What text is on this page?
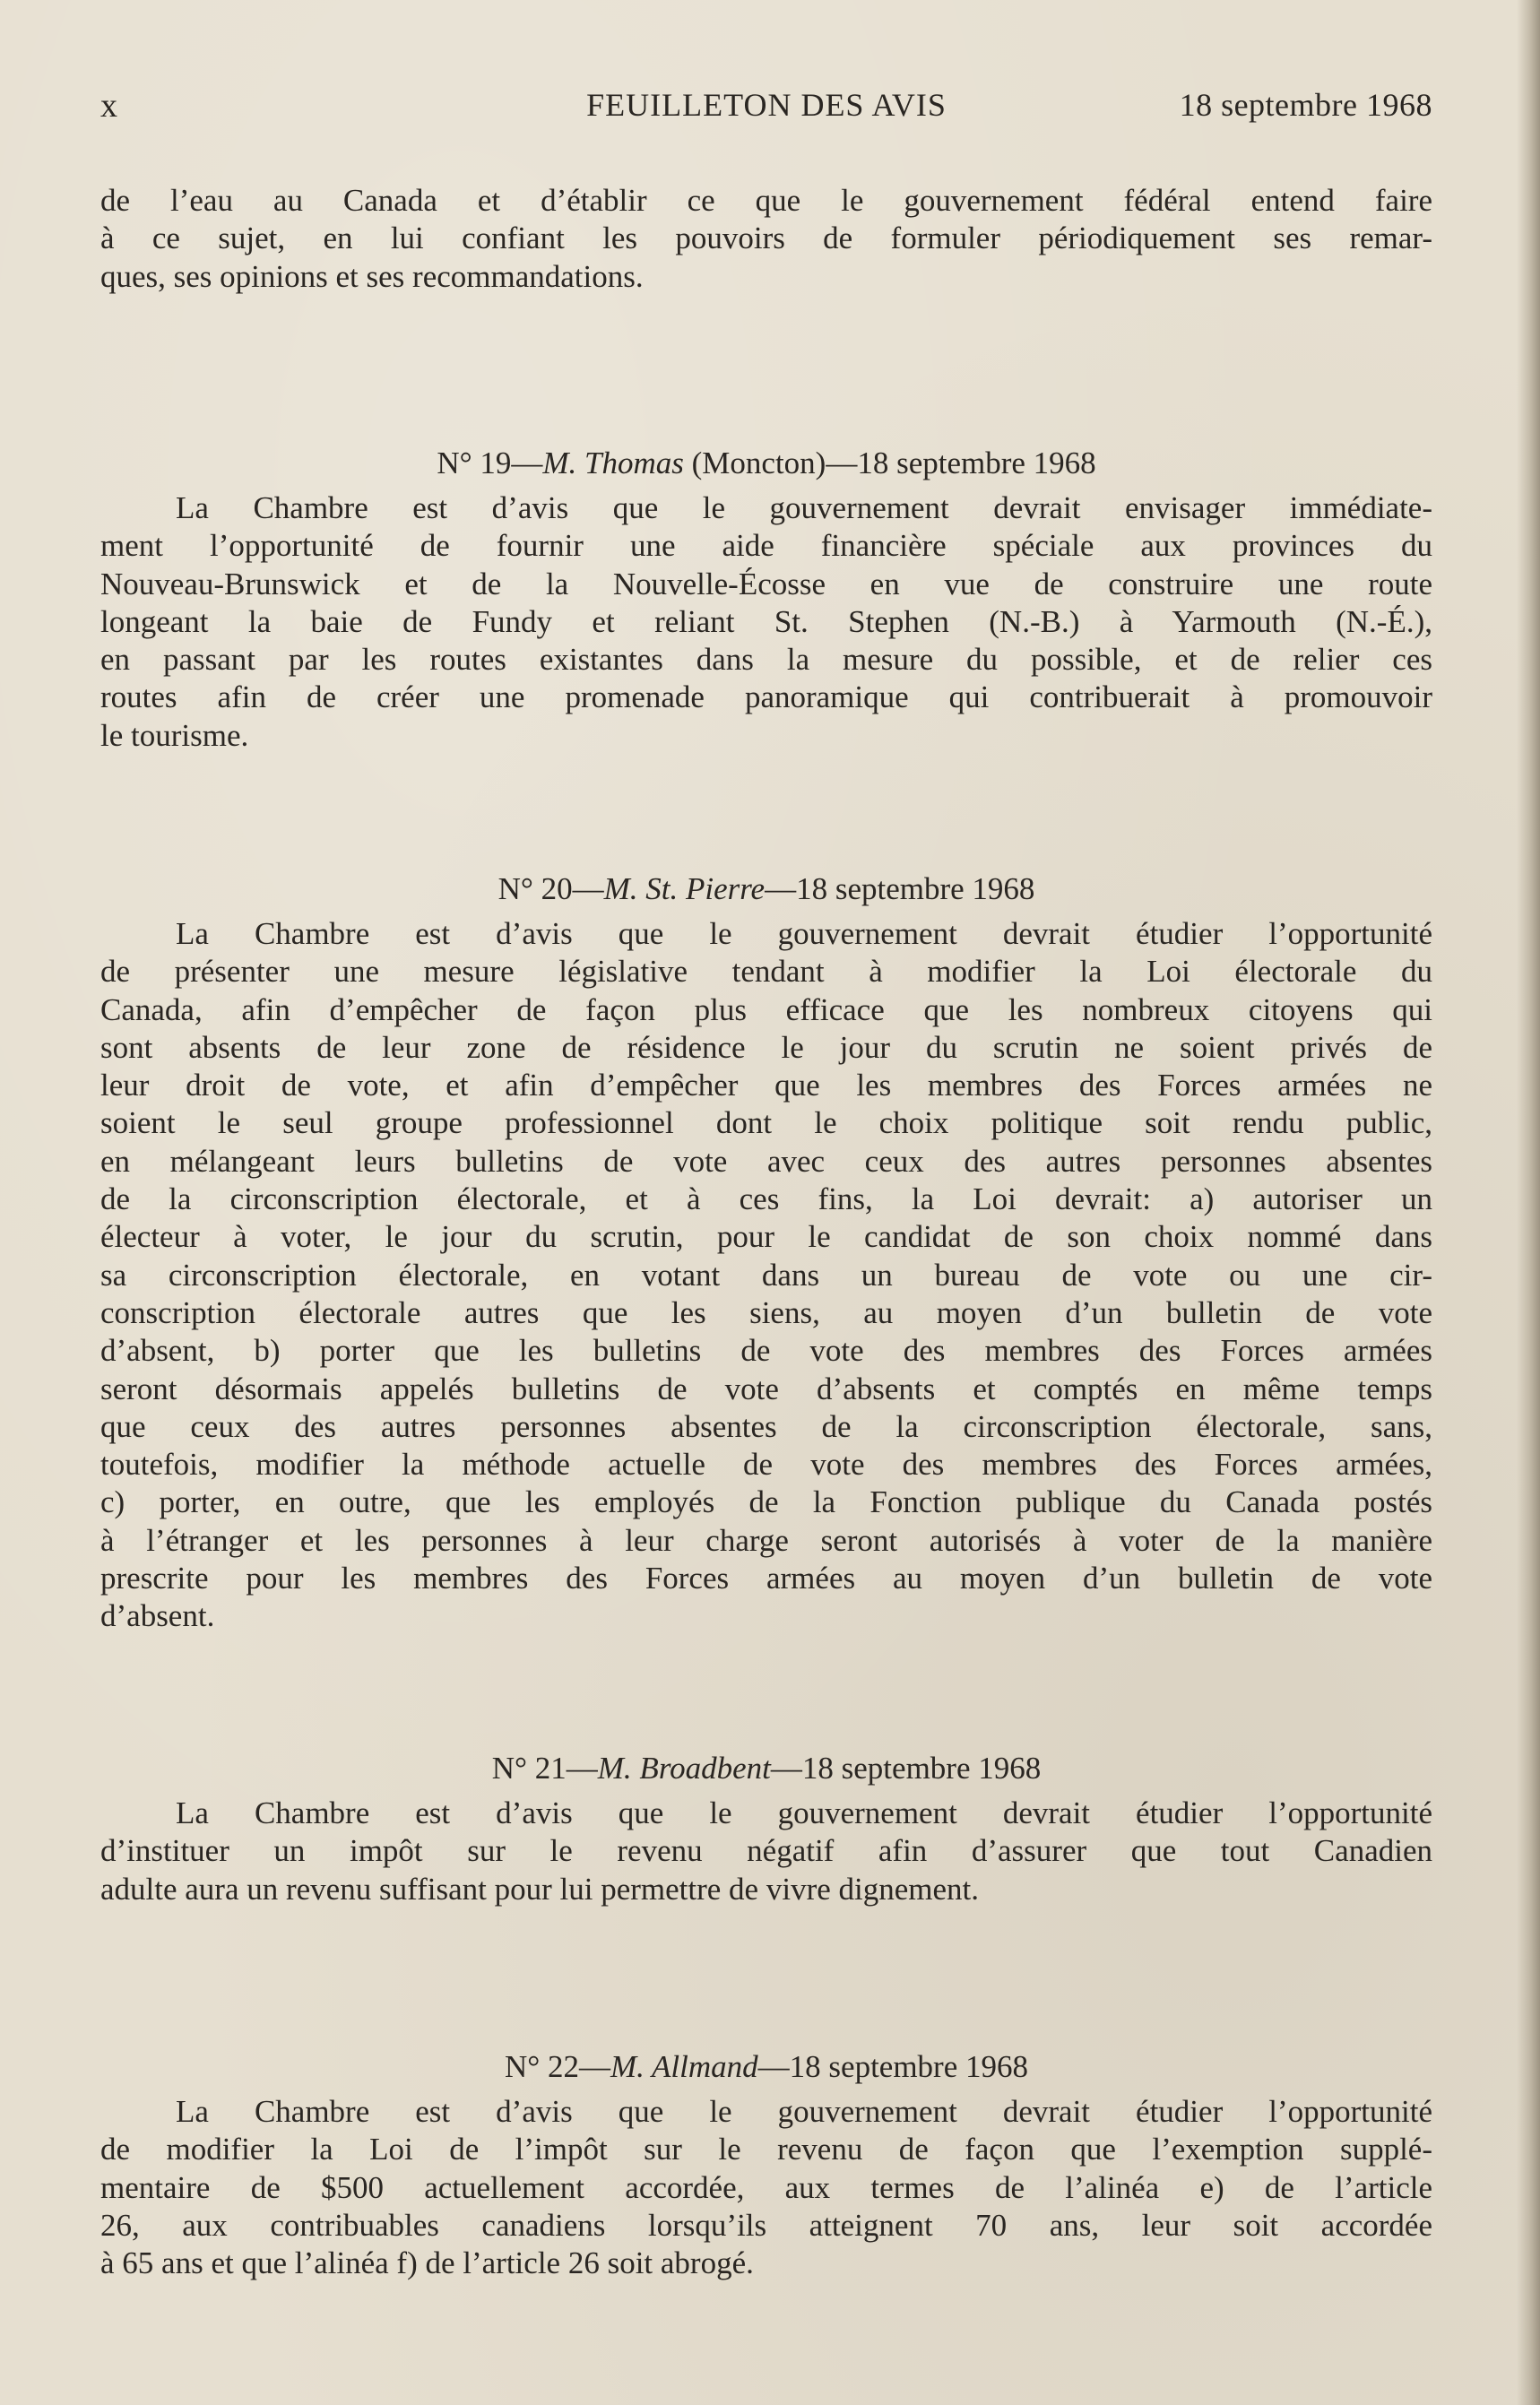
x	FEUILLETON DES AVIS	18 septembre 1968
de l’eau au Canada et d’établir ce que le gouvernement fédéral entend faire
à ce sujet, en lui confiant les pouvoirs de formuler périodiquement ses remar-
ques, ses opinions et ses recommandations.
N° 19—M. Thomas (Moncton)—18 septembre 1968
La Chambre est d’avis que le gouvernement devrait envisager immédiate-
ment l’opportunité de fournir une aide financière spéciale aux provinces du
Nouveau-Brunswick et de la Nouvelle-Écosse en vue de construire une route
longeant la baie de Fundy et reliant St. Stephen (N.-B.) à Yarmouth (N.-É.),
en passant par les routes existantes dans la mesure du possible, et de relier ces
routes afin de créer une promenade panoramique qui contribuerait à promouvoir
le tourisme.
N° 20—M. St. Pierre—18 septembre 1968
La Chambre est d’avis que le gouvernement devrait étudier l’opportunité
de présenter une mesure législative tendant à modifier la Loi électorale du
Canada, afin d’empêcher de façon plus efficace que les nombreux citoyens qui
sont absents de leur zone de résidence le jour du scrutin ne soient privés de
leur droit de vote, et afin d’empêcher que les membres des Forces armées ne
soient le seul groupe professionnel dont le choix politique soit rendu public,
en mélangeant leurs bulletins de vote avec ceux des autres personnes absentes
de la circonscription électorale, et à ces fins, la Loi devrait: a) autoriser un
électeur à voter, le jour du scrutin, pour le candidat de son choix nommé dans
sa circonscription électorale, en votant dans un bureau de vote ou une cir-
conscription électorale autres que les siens, au moyen d’un bulletin de vote
d’absent, b) porter que les bulletins de vote des membres des Forces armées
seront désormais appelés bulletins de vote d’absents et comptés en même temps
que ceux des autres personnes absentes de la circonscription électorale, sans,
toutefois, modifier la méthode actuelle de vote des membres des Forces armées,
c) porter, en outre, que les employés de la Fonction publique du Canada postés
à l’étranger et les personnes à leur charge seront autorisés à voter de la manière
prescrite pour les membres des Forces armées au moyen d’un bulletin de vote
d’absent.
N° 21—M. Broadbent—18 septembre 1968
La Chambre est d’avis que le gouvernement devrait étudier l’opportunité
d’instituer un impôt sur le revenu négatif afin d’assurer que tout Canadien
adulte aura un revenu suffisant pour lui permettre de vivre dignement.
N° 22—M. Allmand—18 septembre 1968
La Chambre est d’avis que le gouvernement devrait étudier l’opportunité
de modifier la Loi de l’impôt sur le revenu de façon que l’exemption supplé-
mentaire de $500 actuellement accordée, aux termes de l’alinéa e) de l’article
26, aux contribuables canadiens lorsqu’ils atteignent 70 ans, leur soit accordée
à 65 ans et que l’alinéa f) de l’article 26 soit abrogé.
